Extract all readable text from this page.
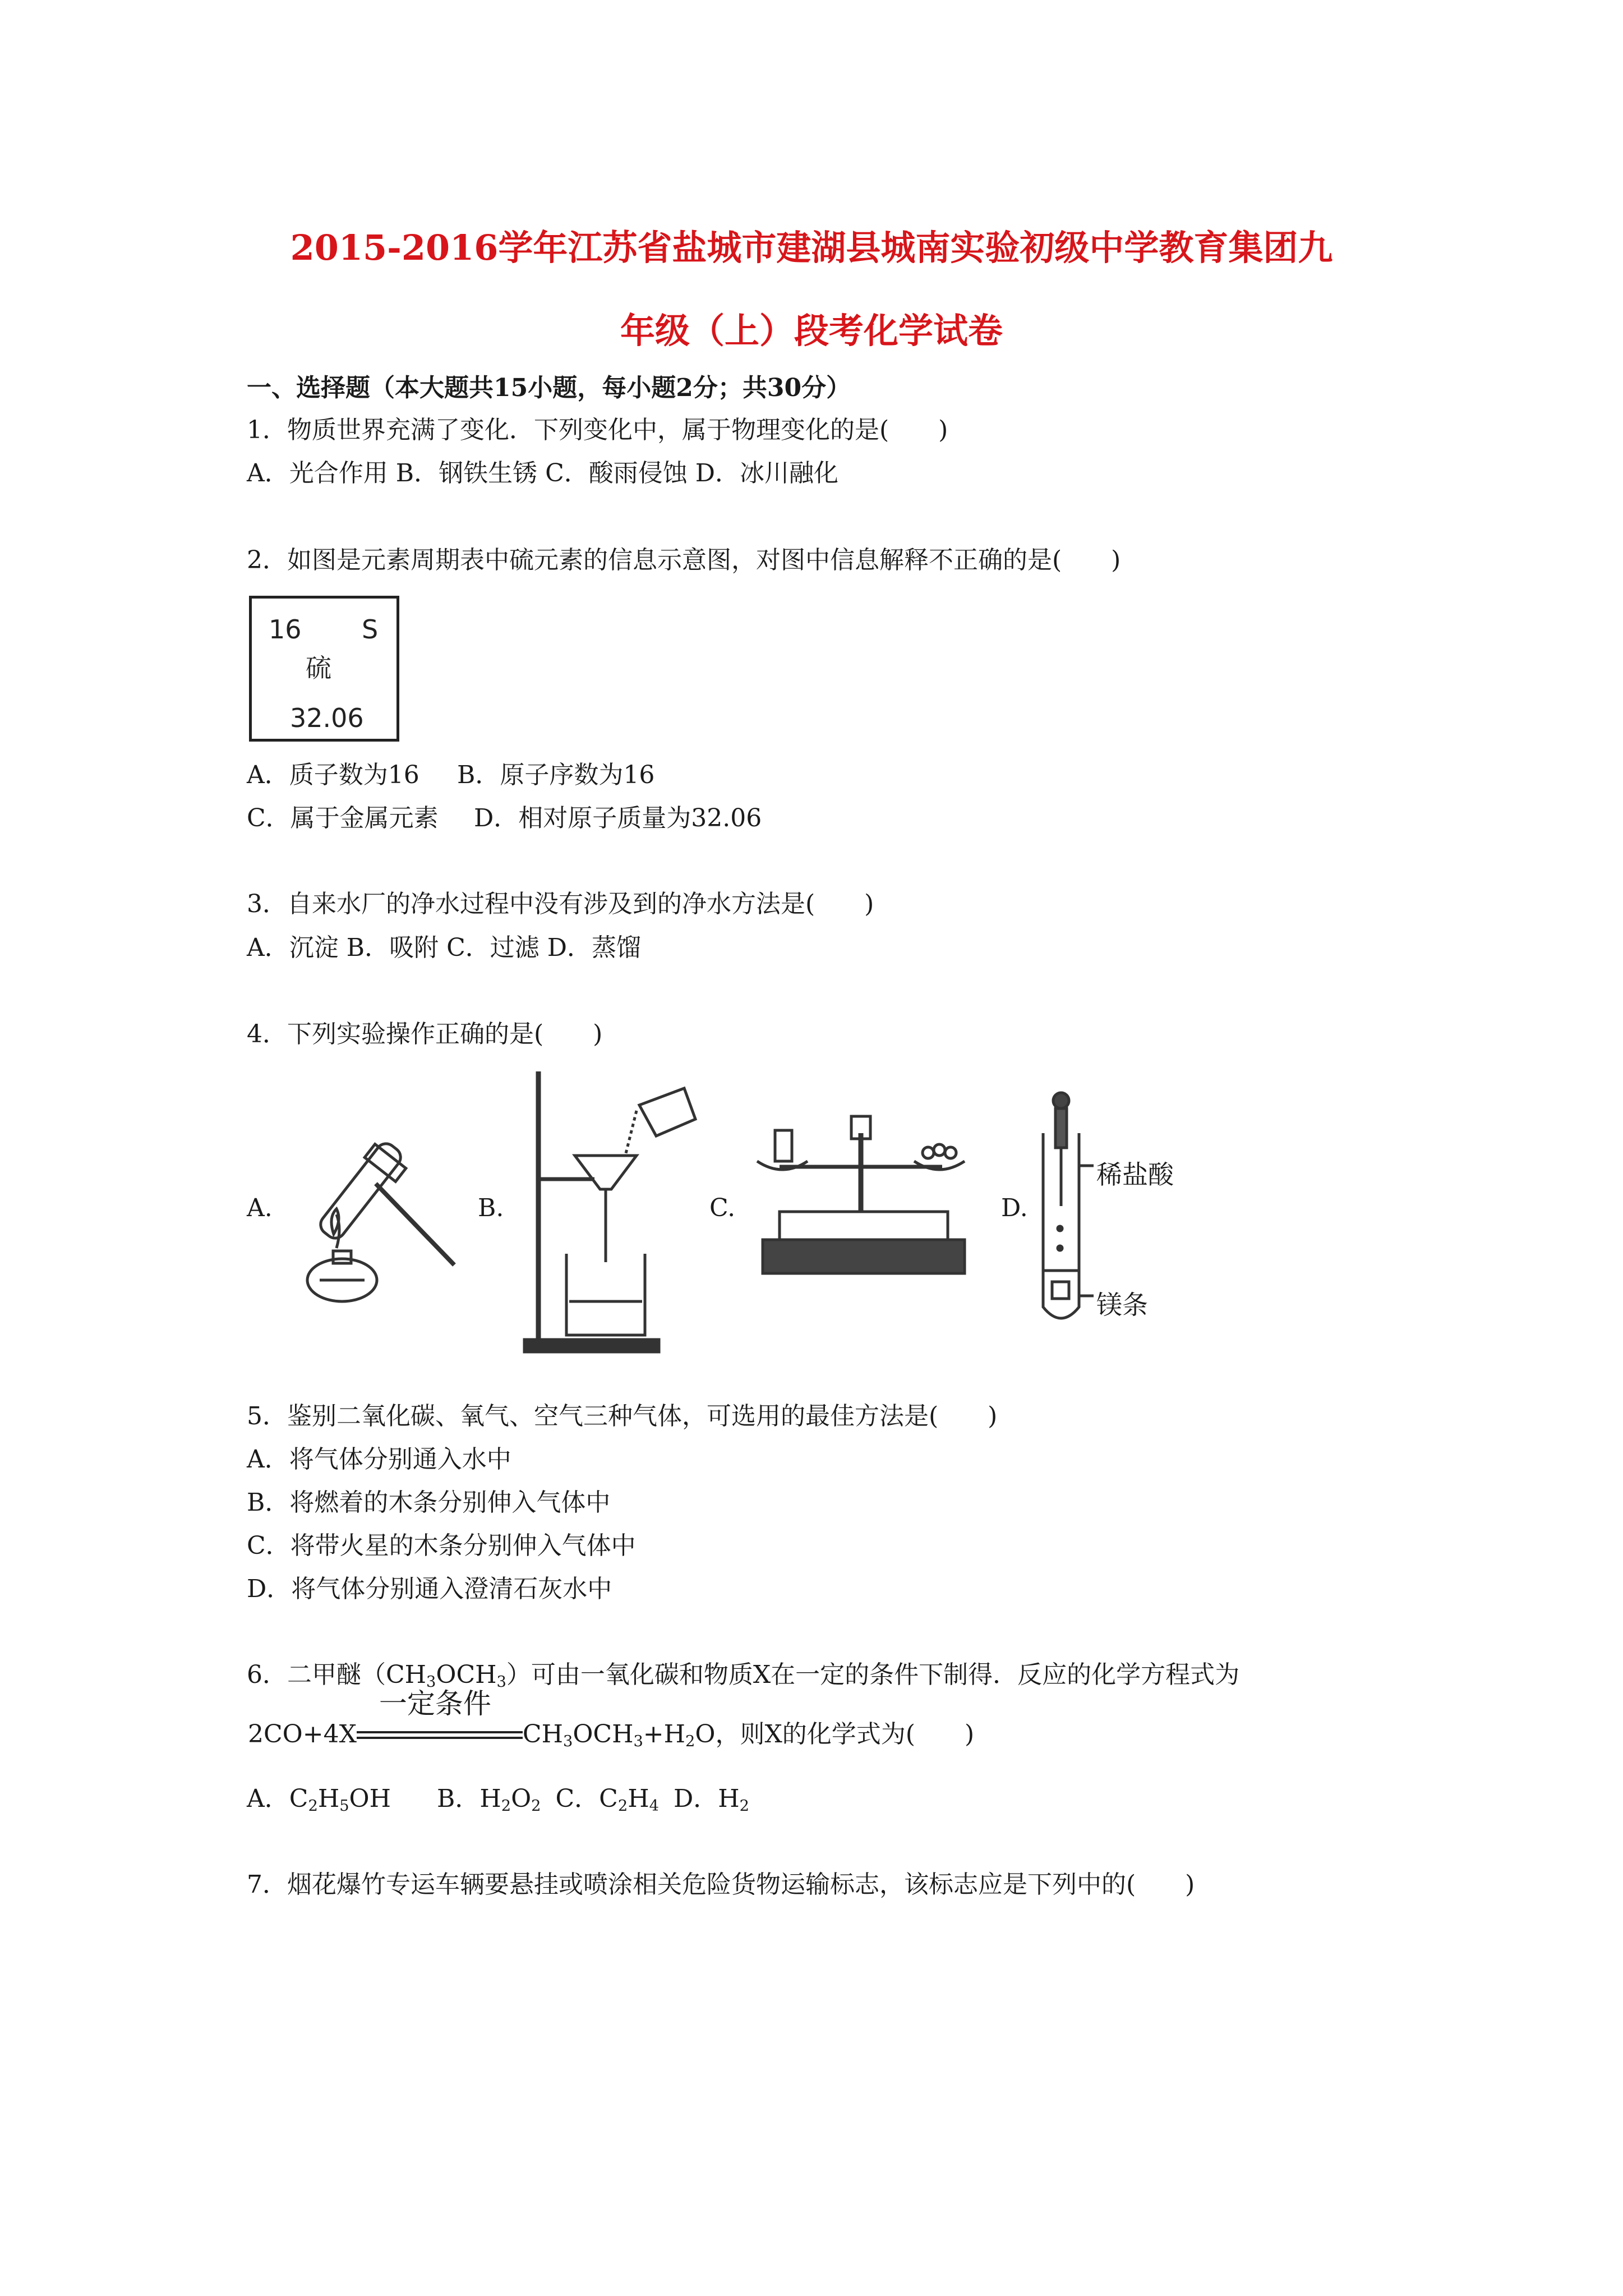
2015-2016学年江苏省盐城市建湖县城南实验初级中学教育集团九
年级（上）段考化学试卷
一、选择题（本大题共15小题，每小题2分；共30分）
1．物质世界充满了变化．下列变化中，属于物理变化的是(　　)
A．光合作用 B．钢铁生锈 C．酸雨侵蚀 D．冰川融化
2．如图是元素周期表中硫元素的信息示意图，对图中信息解释不正确的是(　　)
16 S
硫
32.06
A．质子数为16 B．原子序数为16
C．属于金属元素 D．相对原子质量为32.06
3．自来水厂的净水过程中没有涉及到的净水方法是(　　)
A．沉淀 B．吸附 C．过滤 D．蒸馏
4．下列实验操作正确的是(　　)
A.	B.	C.	D.
稀盐酸
镁条
5．鉴别二氧化碳、氧气、空气三种气体，可选用的最佳方法是(　　)
A．将气体分别通入水中
B．将燃着的木条分别伸入气体中
C．将带火星的木条分别伸入气体中
D．将气体分别通入澄清石灰水中
6．二甲醚$(CH_3OCH_3)$可由一氧化碳和物质X在一定的条件下制得．反应的化学方程式为
2CO+4X
一定条件
$CH_3OCH_3+H_2O$，则X的化学式为(　　)
A．$C_2H_5OH$ B．$H_2O_2$ C．$C_2H_4$ D．$H_2$
7．烟花爆竹专运车辆要悬挂或喷涂相关危险货物运输标志，该标志应是下列中的(　　)
